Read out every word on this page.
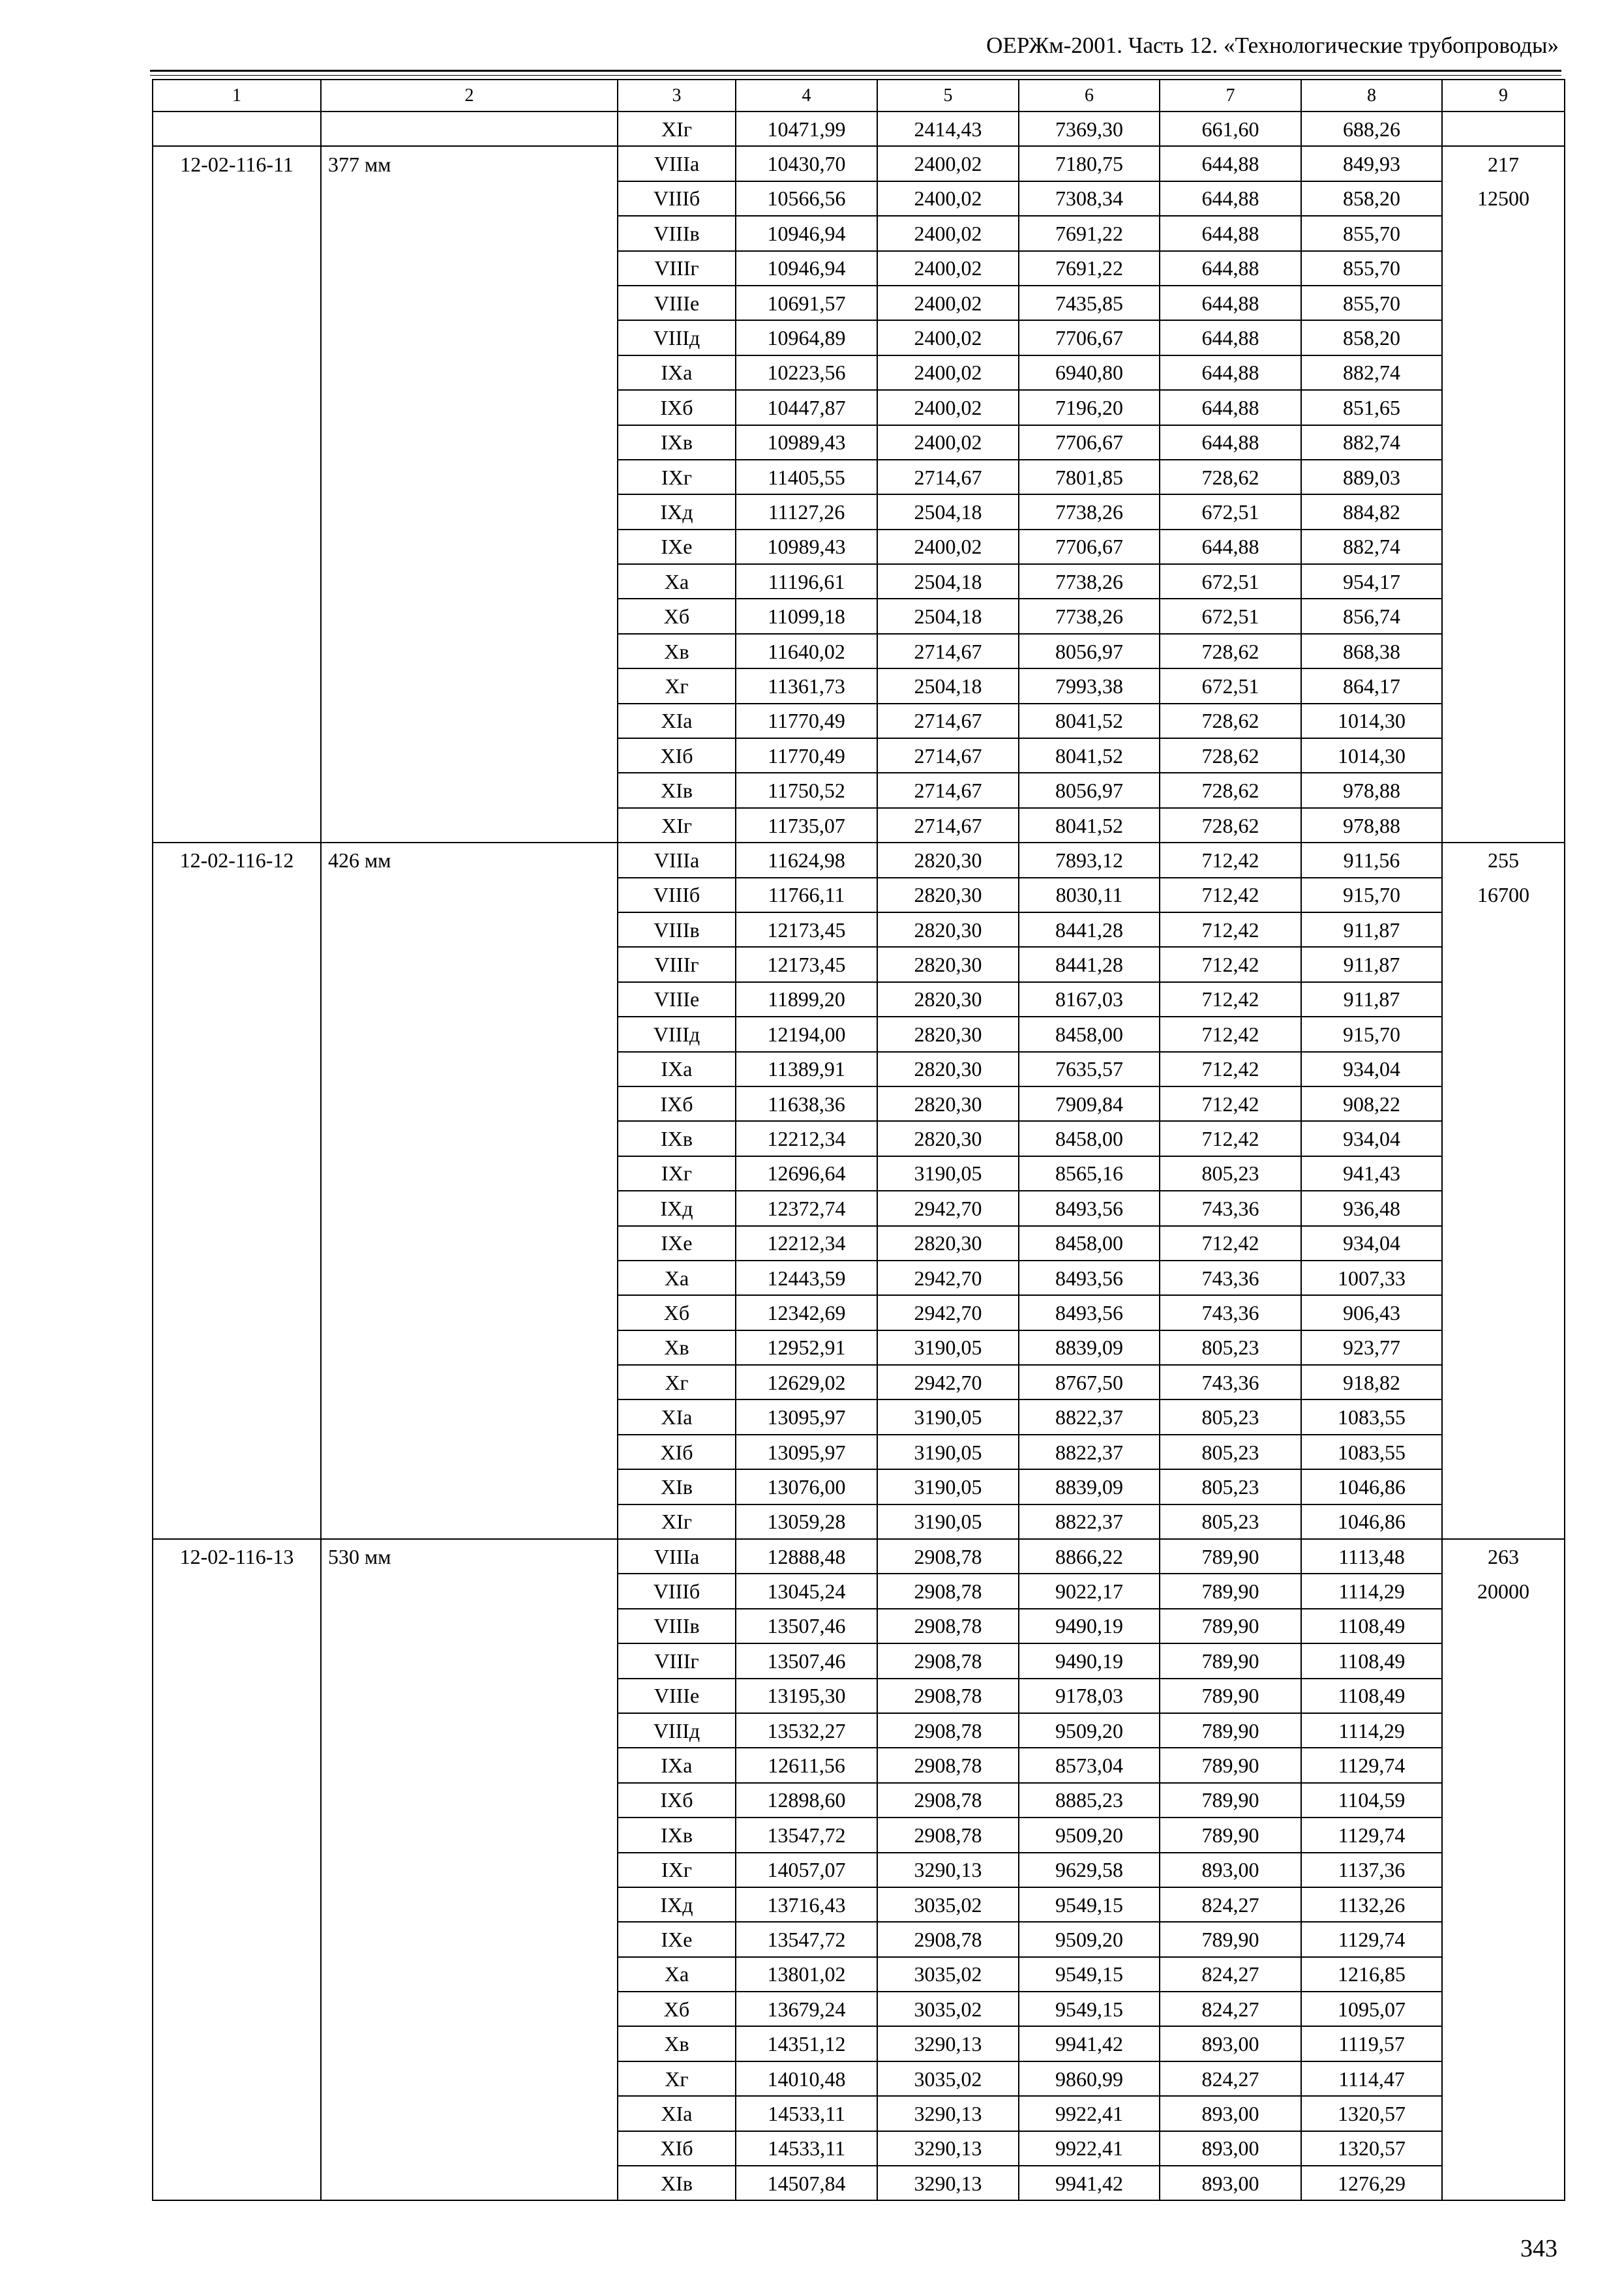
ОЕРЖм-2001. Часть 12. «Технологические трубопроводы»
1	2	3	4	5	6	7	8	9
		XIг	10471,99	2414,43	7369,30	661,60	688,26	
12-02-116-11	377 мм	VIIIа	10430,70	2400,02	7180,75	644,88	849,93	217
		VIIIб	10566,56	2400,02	7308,34	644,88	858,20	12500
		VIIIв	10946,94	2400,02	7691,22	644,88	855,70	
		VIIIг	10946,94	2400,02	7691,22	644,88	855,70	
		VIIIе	10691,57	2400,02	7435,85	644,88	855,70	
		VIIIд	10964,89	2400,02	7706,67	644,88	858,20	
		IXа	10223,56	2400,02	6940,80	644,88	882,74	
		IXб	10447,87	2400,02	7196,20	644,88	851,65	
		IXв	10989,43	2400,02	7706,67	644,88	882,74	
		IXг	11405,55	2714,67	7801,85	728,62	889,03	
		IXд	11127,26	2504,18	7738,26	672,51	884,82	
		IXе	10989,43	2400,02	7706,67	644,88	882,74	
		Xа	11196,61	2504,18	7738,26	672,51	954,17	
		Xб	11099,18	2504,18	7738,26	672,51	856,74	
		Xв	11640,02	2714,67	8056,97	728,62	868,38	
		Xг	11361,73	2504,18	7993,38	672,51	864,17	
		XIа	11770,49	2714,67	8041,52	728,62	1014,30	
		XIб	11770,49	2714,67	8041,52	728,62	1014,30	
		XIв	11750,52	2714,67	8056,97	728,62	978,88	
		XIг	11735,07	2714,67	8041,52	728,62	978,88	
12-02-116-12	426 мм	VIIIа	11624,98	2820,30	7893,12	712,42	911,56	255
		VIIIб	11766,11	2820,30	8030,11	712,42	915,70	16700
		VIIIв	12173,45	2820,30	8441,28	712,42	911,87	
		VIIIг	12173,45	2820,30	8441,28	712,42	911,87	
		VIIIе	11899,20	2820,30	8167,03	712,42	911,87	
		VIIIд	12194,00	2820,30	8458,00	712,42	915,70	
		IXа	11389,91	2820,30	7635,57	712,42	934,04	
		IXб	11638,36	2820,30	7909,84	712,42	908,22	
		IXв	12212,34	2820,30	8458,00	712,42	934,04	
		IXг	12696,64	3190,05	8565,16	805,23	941,43	
		IXд	12372,74	2942,70	8493,56	743,36	936,48	
		IXе	12212,34	2820,30	8458,00	712,42	934,04	
		Xа	12443,59	2942,70	8493,56	743,36	1007,33	
		Xб	12342,69	2942,70	8493,56	743,36	906,43	
		Xв	12952,91	3190,05	8839,09	805,23	923,77	
		Xг	12629,02	2942,70	8767,50	743,36	918,82	
		XIа	13095,97	3190,05	8822,37	805,23	1083,55	
		XIб	13095,97	3190,05	8822,37	805,23	1083,55	
		XIв	13076,00	3190,05	8839,09	805,23	1046,86	
		XIг	13059,28	3190,05	8822,37	805,23	1046,86	
12-02-116-13	530 мм	VIIIа	12888,48	2908,78	8866,22	789,90	1113,48	263
		VIIIб	13045,24	2908,78	9022,17	789,90	1114,29	20000
		VIIIв	13507,46	2908,78	9490,19	789,90	1108,49	
		VIIIг	13507,46	2908,78	9490,19	789,90	1108,49	
		VIIIе	13195,30	2908,78	9178,03	789,90	1108,49	
		VIIIд	13532,27	2908,78	9509,20	789,90	1114,29	
		IXа	12611,56	2908,78	8573,04	789,90	1129,74	
		IXб	12898,60	2908,78	8885,23	789,90	1104,59	
		IXв	13547,72	2908,78	9509,20	789,90	1129,74	
		IXг	14057,07	3290,13	9629,58	893,00	1137,36	
		IXд	13716,43	3035,02	9549,15	824,27	1132,26	
		IXе	13547,72	2908,78	9509,20	789,90	1129,74	
		Xа	13801,02	3035,02	9549,15	824,27	1216,85	
		Xб	13679,24	3035,02	9549,15	824,27	1095,07	
		Xв	14351,12	3290,13	9941,42	893,00	1119,57	
		Xг	14010,48	3035,02	9860,99	824,27	1114,47	
		XIа	14533,11	3290,13	9922,41	893,00	1320,57	
		XIб	14533,11	3290,13	9922,41	893,00	1320,57	
		XIв	14507,84	3290,13	9941,42	893,00	1276,29	
343
